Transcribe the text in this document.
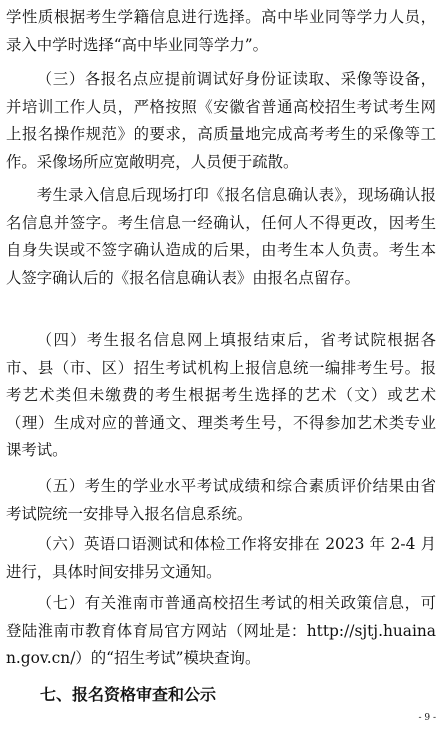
学性质根据考生学籍信息进行选择。高中毕业同等学力人员，录入中学时选择“高中毕业同等学力”。

（三）各报名点应提前调试好身份证读取、采像等设备，并培训工作人员，严格按照《安徽省普通高校招生考试考生网上报名操作规范》的要求，高质量地完成高考考生的采像等工作。采像场所应宽敞明亮，人员便于疏散。

考生录入信息后现场打印《报名信息确认表》，现场确认报名信息并签字。考生信息一经确认，任何人不得更改，因考生自身失误或不签字确认造成的后果，由考生本人负责。考生本人签字确认后的《报名信息确认表》由报名点留存。

（四）考生报名信息网上填报结束后，省考试院根据各市、县（市、区）招生考试机构上报信息统一编排考生号。报考艺术类但未缴费的考生根据考生选择的艺术（文）或艺术（理）生成对应的普通文、理类考生号，不得参加艺术类专业课考试。

（五）考生的学业水平考试成绩和综合素质评价结果由省考试院统一安排导入报名信息系统。

（六）英语口语测试和体检工作将安排在 2023 年 2-4 月进行，具体时间安排另文通知。

（七）有关淮南市普通高校招生考试的相关政策信息，可登陆淮南市教育体育局官方网站（网址是：http://sjtj.huainan.gov.cn/）的“招生考试”模块查询。

七、报名资格审查和公示
- 9 -
